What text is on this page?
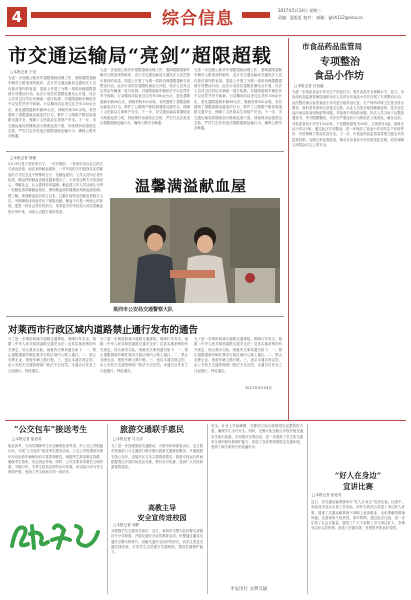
4	综合信息	2017年5月24日 星期三
责编：夏虹虹 校对： 邮箱：glxh112@sina.cn
市交通运输局“亮剑”超限超载
□本报记者 王莹
为进一步加强公路货车超限超载治理工作，遏制超限超载车辆对公路造成的破坏，近日市交通运输局交通执法人员在我市境内的省道、国道上开展了为期一周的治理超限超载专项整治行动。此次行动依托超限检测站点开展，执法人员对过往货运车辆逐一进行检测，对超限超载车辆依法予以处罚并责令卸载。行动期间共检查过往货车300余台次，查处超限超载车辆38台次，卸载货物150余吨，有效遏制了超限超载运输违法行为，维护了公路路产路权和道路交通安全，保障了人民群众生命财产安全。下一步，市交通运输局将继续加大路面巡查力度，持续保持治超高压态势，严厉打击各类违法超限超载运输行为，确保公路安全畅通。
为进一步加强公路货车超限超载治理工作，遏制超限超载车辆对公路造成的破坏，近日市交通运输局交通执法人员在我市境内的省道、国道上开展了为期一周的治理超限超载专项整治行动。此次行动依托超限检测站点开展，执法人员对过往货运车辆逐一进行检测，对超限超载车辆依法予以处罚并责令卸载。行动期间共检查过往货车300余台次，查处超限超载车辆38台次，卸载货物150余吨，有效遏制了超限超载运输违法行为，维护了公路路产路权和道路交通安全，保障了人民群众生命财产安全。下一步，市交通运输局将继续加大路面巡查力度，持续保持治超高压态势，严厉打击各类违法超限超载运输行为，确保公路安全畅通。
为进一步加强公路货车超限超载治理工作，遏制超限超载车辆对公路造成的破坏，近日市交通运输局交通执法人员在我市境内的省道、国道上开展了为期一周的治理超限超载专项整治行动。此次行动依托超限检测站点开展，执法人员对过往货运车辆逐一进行检测，对超限超载车辆依法予以处罚并责令卸载。行动期间共检查过往货车300余台次，查处超限超载车辆38台次，卸载货物150余吨，有效遏制了超限超载运输违法行为，维护了公路路产路权和道路交通安全，保障了人民群众生命财产安全。下一步，市交通运输局将继续加大路面巡查力度，持续保持治超高压态势，严厉打击各类违法超限超载运输行为，确保公路安全畅通。
□本报记者 徐艳
5月20日是个美好的日子，一对对情侣、一家家市民以自己的方式表达爱意，而在莱西献血屋里，一对年轻的夫妇选择以无偿献血的方式纪念这个特殊的日子。在献血屋内，工作人员向记者介绍道，像这样的献血者最近越来越多了，大家用这种方式传递爱心、奉献社会，让人感到非常温暖。献血屋工作人员还耐心为每一位献血者讲解献血知识，做好献血前的健康征询和血液检测。据了解，莱西献血屋自设立以来，已累计接待无偿献血者数万人次，为保障临床用血作出了积极贡献。献血不仅是一种爱心的体现，更是一种社会责任的担当，希望更多的市民加入到无偿献血的行列中来，用爱心点燃生命的希望。
温馨满溢献血屋
莱西市公安局交通警察大队
对莱西市行政区域内道路禁止通行发布的通告
为了进一步预防和减少道路交通事故，保障行车安全，根据《中华人民共和国道路交通安全法》及其实施条例的有关规定，结合我市实际，现就有关事项通告如下：一、禁止超限超载车辆在我市行政区域内公路上通行。二、禁止无牌无证、报废车辆上路行驶。三、违反本通告规定的，由公安机关交通管理部门依法予以处罚。本通告自发布之日起施行。特此通告。
为了进一步预防和减少道路交通事故，保障行车安全，根据《中华人民共和国道路交通安全法》及其实施条例的有关规定，结合我市实际，现就有关事项通告如下：一、禁止超限超载车辆在我市行政区域内公路上通行。二、禁止无牌无证、报废车辆上路行驶。三、违反本通告规定的，由公安机关交通管理部门依法予以处罚。本通告自发布之日起施行。特此通告。
为了进一步预防和减少道路交通事故，保障行车安全，根据《中华人民共和国道路交通安全法》及其实施条例的有关规定，结合我市实际，现就有关事项通告如下：一、禁止超限超载车辆在我市行政区域内公路上通行。二、禁止无牌无证、报废车辆上路行驶。三、违反本通告规定的，由公安机关交通管理部门依法予以处罚。本通告自发布之日起施行。特此通告。
2017年5月23日
市食品药品监管局
专项整治
食品小作坊
□本报记者 吕英姬
为进一步规范食品小作坊生产经营行为，提升食品安全保障水平，近日，市食品药品监督管理局组织执法人员对全市食品小作坊开展了专项整治行动。此次整治重点检查食品小作坊是否取得登记证、生产场所环境卫生是否符合要求、原料进货查验记录是否完善、从业人员是否取得健康证明、是否存在违法添加非食用物质等问题。对检查中发现的问题，执法人员当场下达整改通知书，责令限期整改，对存在严重违法行为的依法立案查处。截至目前，共检查食品小作坊120余家，下达整改意见书35份，立案查处5起，取缔无证小作坊3家。通过此次专项整治，进一步规范了食品小作坊的生产经营秩序，有效保障了群众饮食安全。下一步，市食品药品监管局将建立健全长效监管机制，加强日常巡查检查，推动全市食品小作坊规范化发展，切实保障人民群众舌尖上的安全。
“公交包车”接送考生
□本报记者 崔爱英
临近高考，为切实保障考生安全顺利参加考试，市公交公司积极行动，开展“公交包车”接送考生服务活动。公交公司将提前安排车况良好的车辆和经验丰富的驾驶员，根据考生需求制定线路，确保考生按时、安全到达考场。同时，公司还要求驾驶员文明驾驶、平稳行车，为考生营造良好的出行环境，用实际行动为考生保驾护航，受到了考生和家长的一致好评。
旅游交通联手惠民
□本报记者 马文清
为了进一步加强旅游交通联动，方便市民和游客出行，近日我市旅游部门与交通部门联手推出旅游交通惠民服务，开通旅游专线公交车，连接市区与各主要旅游景区。旅游专线运行时间根据景区开放时间灵活安排，票价实行优惠，受到广大市民和游客的欢迎。
高教主导
安全宣传进校园
□本报记者 刘静
为增强学生交通安全意识，近日，莱西市交警大队民警走进辖区中小学校园，开展交通安全宣传教育活动。民警通过播放交通安全警示教育片、讲解交通安全知识等形式，向学生普及交通法律法规，引导学生自觉遵守交通规则，提高自我保护能力。
安全。针对上学高峰期，交警部门加大校园周边巡逻管控力度，确保学生出行安全。同时，交警大队还联合学校开展交通安全知识竞赛、手抄报评比等活动，进一步提高了学生的交通安全意识和自我保护能力，营造了良好的校园周边交通环境，受到了师生和家长的普遍好评。
平安出行 文明交通
“好人在身边”
宣讲比赛
□本报记者 崔爱英
近日，市交通运输系统举办“好人在身边”宣讲比赛。比赛中，参赛选手结合自身工作实际，用朴实的语言讲述了身边好人好事，展现了交通运输系统干部职工爱岗敬业、无私奉献的精神风貌。比赛现场气氛热烈，掌声阵阵。通过此次比赛，进一步弘扬了社会正能量，激发了广大干部职工学习身边好人、争做身边好人的热情，营造了崇德向善、见贤思齐的良好氛围。
